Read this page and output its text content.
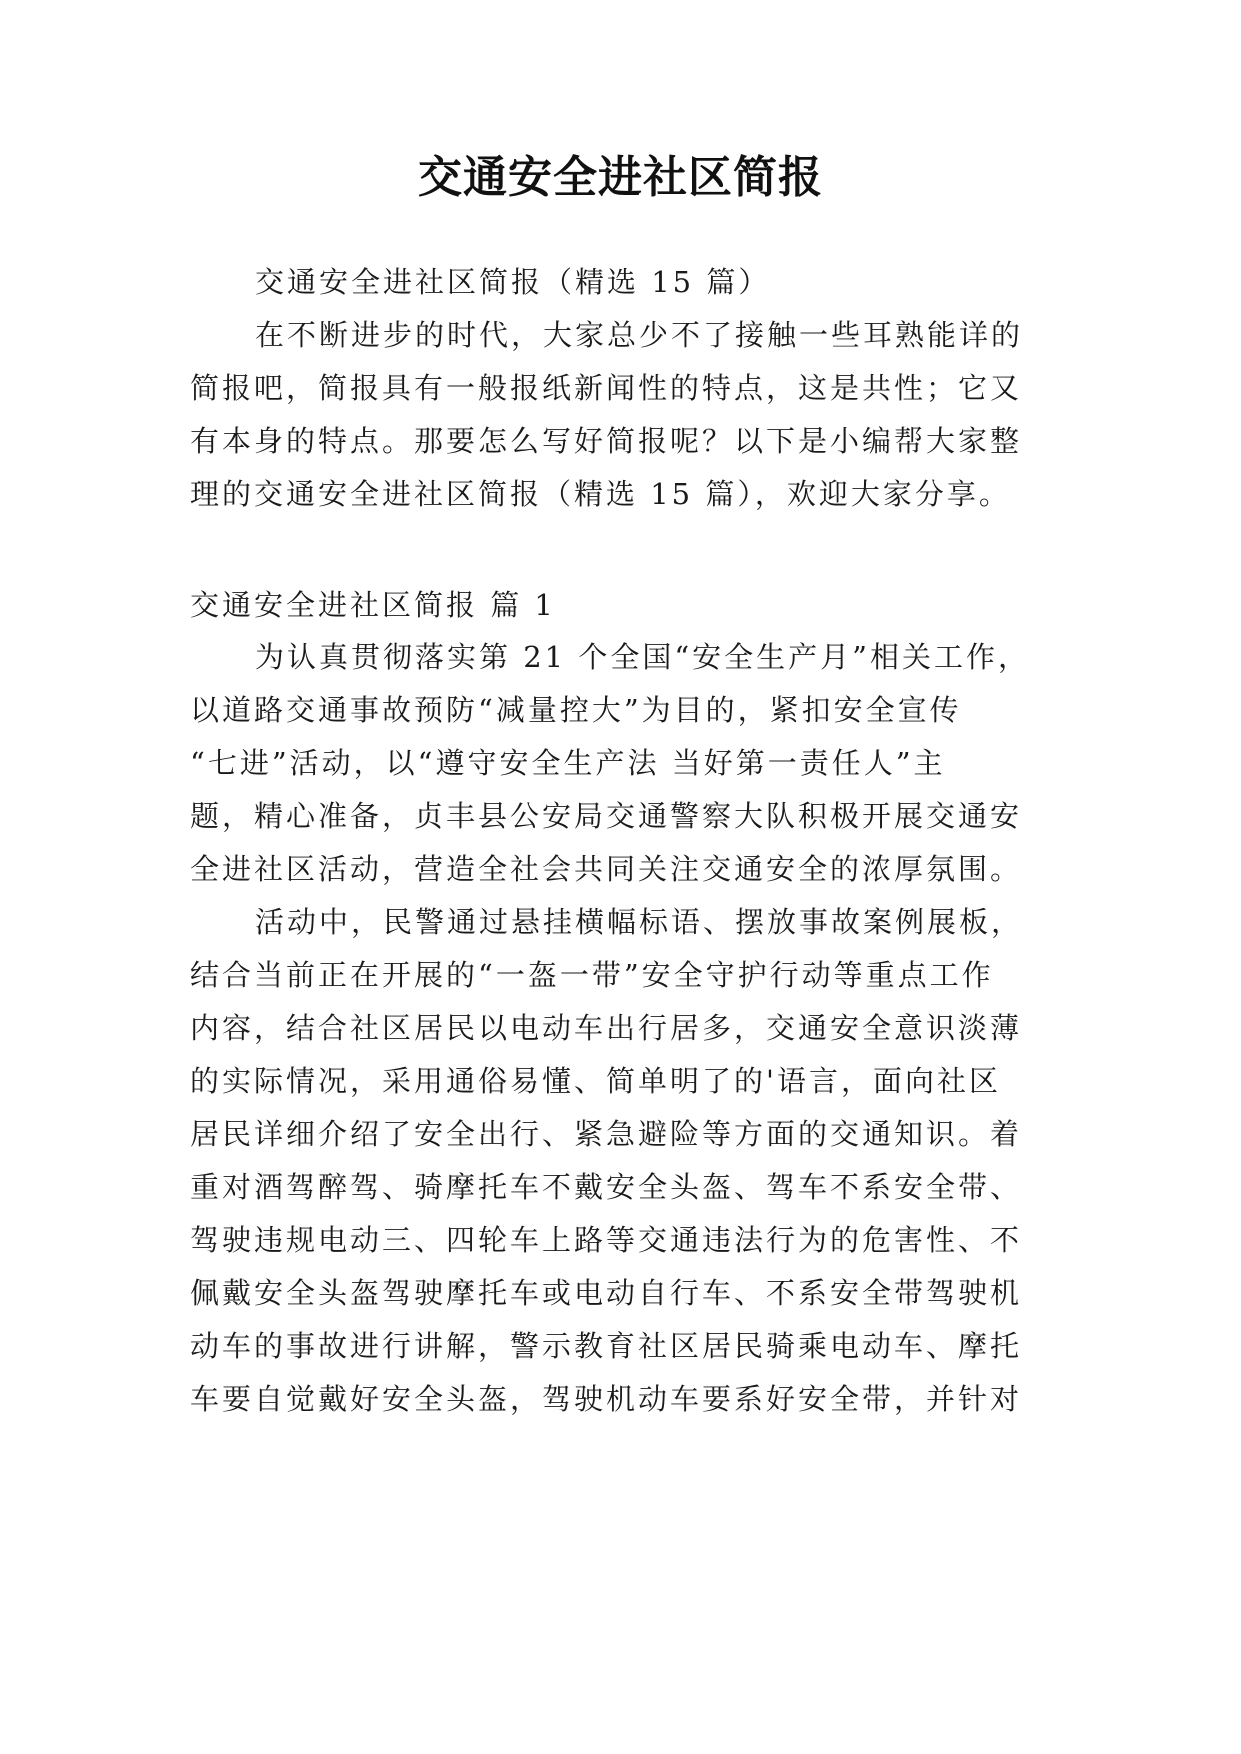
交通安全进社区简报
交通安全进社区简报（精选 15 篇）
在不断进步的时代，大家总少不了接触一些耳熟能详的
简报吧，简报具有一般报纸新闻性的特点，这是共性；它又
有本身的特点。那要怎么写好简报呢？以下是小编帮大家整
理的交通安全进社区简报（精选 15 篇），欢迎大家分享。
交通安全进社区简报 篇 1
为认真贯彻落实第 21 个全国“安全生产月”相关工作，
以道路交通事故预防“减量控大”为目的，紧扣安全宣传
“七进”活动，以“遵守安全生产法 当好第一责任人”主
题，精心准备，贞丰县公安局交通警察大队积极开展交通安
全进社区活动，营造全社会共同关注交通安全的浓厚氛围。
活动中，民警通过悬挂横幅标语、摆放事故案例展板，
结合当前正在开展的“一盔一带”安全守护行动等重点工作
内容，结合社区居民以电动车出行居多，交通安全意识淡薄
的实际情况，采用通俗易懂、简单明了的'语言，面向社区
居民详细介绍了安全出行、紧急避险等方面的交通知识。着
重对酒驾醉驾、骑摩托车不戴安全头盔、驾车不系安全带、
驾驶违规电动三、四轮车上路等交通违法行为的危害性、不
佩戴安全头盔驾驶摩托车或电动自行车、不系安全带驾驶机
动车的事故进行讲解，警示教育社区居民骑乘电动车、摩托
车要自觉戴好安全头盔，驾驶机动车要系好安全带，并针对
